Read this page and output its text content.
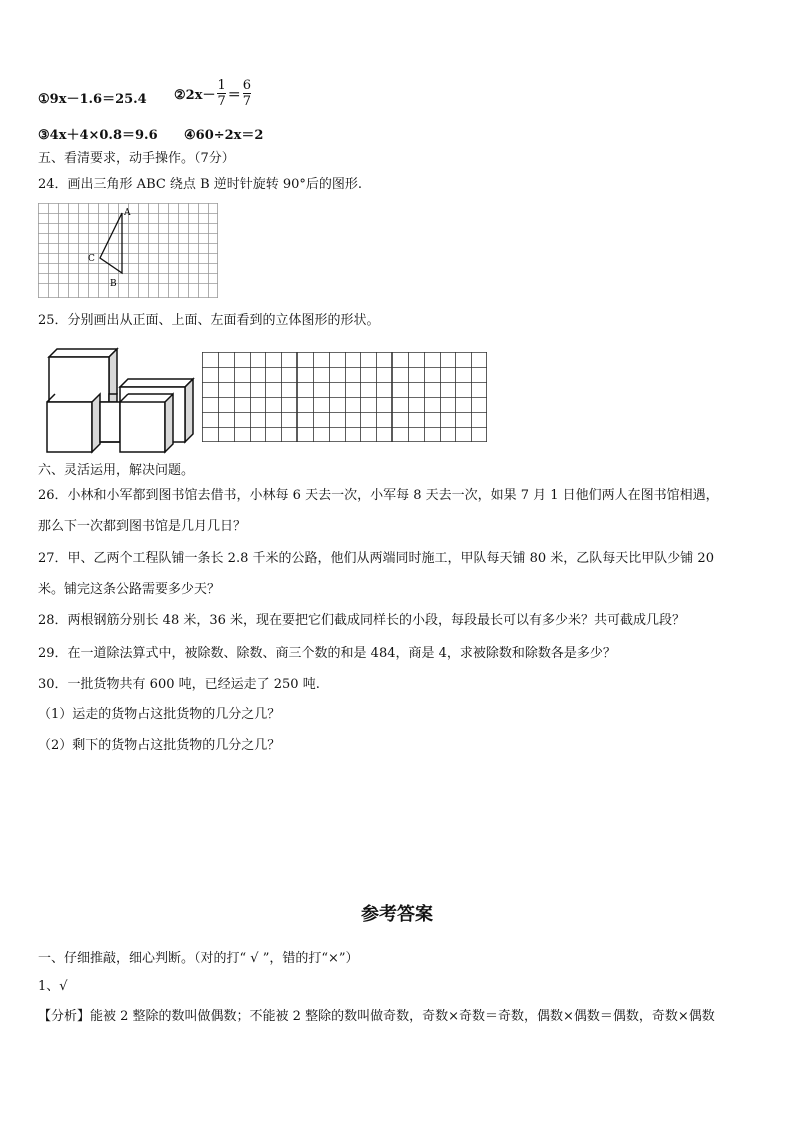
①9x－1.6＝25.4 ②2x－ $\frac{1}{7} = \frac{6}{7}$
③4x＋4×0.8＝9.6 ④60÷2x＝2
五、看清要求，动手操作。（7分）
24．画出三角形 ABC 绕点 B 逆时针旋转 90°后的图形.
A
C
B
25．分别画出从正面、上面、左面看到的立体图形的形状。
六、灵活运用，解决问题。
26．小林和小军都到图书馆去借书，小林每 6 天去一次，小军每 8 天去一次，如果 7 月 1 日他们两人在图书馆相遇，
那么下一次都到图书馆是几月几日？
27．甲、乙两个工程队铺一条长 2.8 千米的公路，他们从两端同时施工，甲队每天铺 80 米，乙队每天比甲队少铺 20
米。铺完这条公路需要多少天？
28．两根钢筋分别长 48 米，36 米，现在要把它们截成同样长的小段，每段最长可以有多少米？共可截成几段？
29．在一道除法算式中，被除数、除数、商三个数的和是 484，商是 4，求被除数和除数各是多少？
30．一批货物共有 600 吨，已经运走了 250 吨.
（1）运走的货物占这批货物的几分之几？
（2）剩下的货物占这批货物的几分之几？
参考答案
一、仔细推敲，细心判断。（对的打“ √ ”，错的打“×”）
1、√
【分析】能被 2 整除的数叫做偶数；不能被 2 整除的数叫做奇数，奇数×奇数＝奇数，偶数×偶数＝偶数，奇数×偶数
